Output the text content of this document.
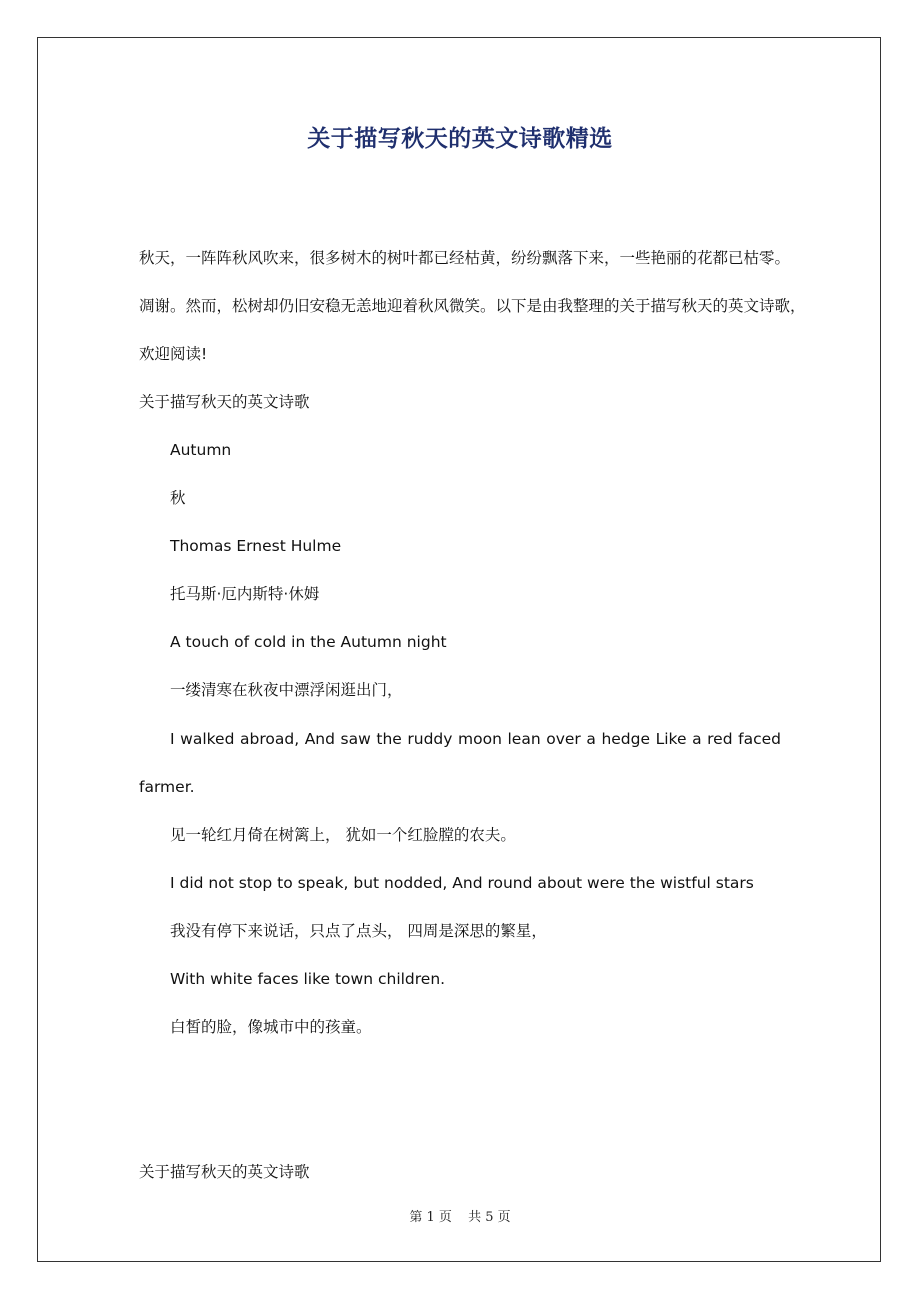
关于描写秋天的英文诗歌精选
秋天，一阵阵秋风吹来，很多树木的树叶都已经枯黄，纷纷飘落下来，一些艳丽的花都已枯零。
凋谢。然而，松树却仍旧安稳无恙地迎着秋风微笑。以下是由我整理的关于描写秋天的英文诗歌，
欢迎阅读!
关于描写秋天的英文诗歌
Autumn
秋
Thomas Ernest Hulme
托马斯·厄内斯特·休姆
A touch of cold in the Autumn night
一缕清寒在秋夜中漂浮闲逛出门，
I walked abroad, And saw the ruddy moon lean over a hedge Like a red faced
farmer.
见一轮红月倚在树篱上， 犹如一个红脸膛的农夫。
I did not stop to speak, but nodded, And round about were the wistful stars
我没有停下来说话，只点了点头， 四周是深思的繁星，
With white faces like town children.
白皙的脸，像城市中的孩童。
关于描写秋天的英文诗歌
第 1 页 共 5 页
